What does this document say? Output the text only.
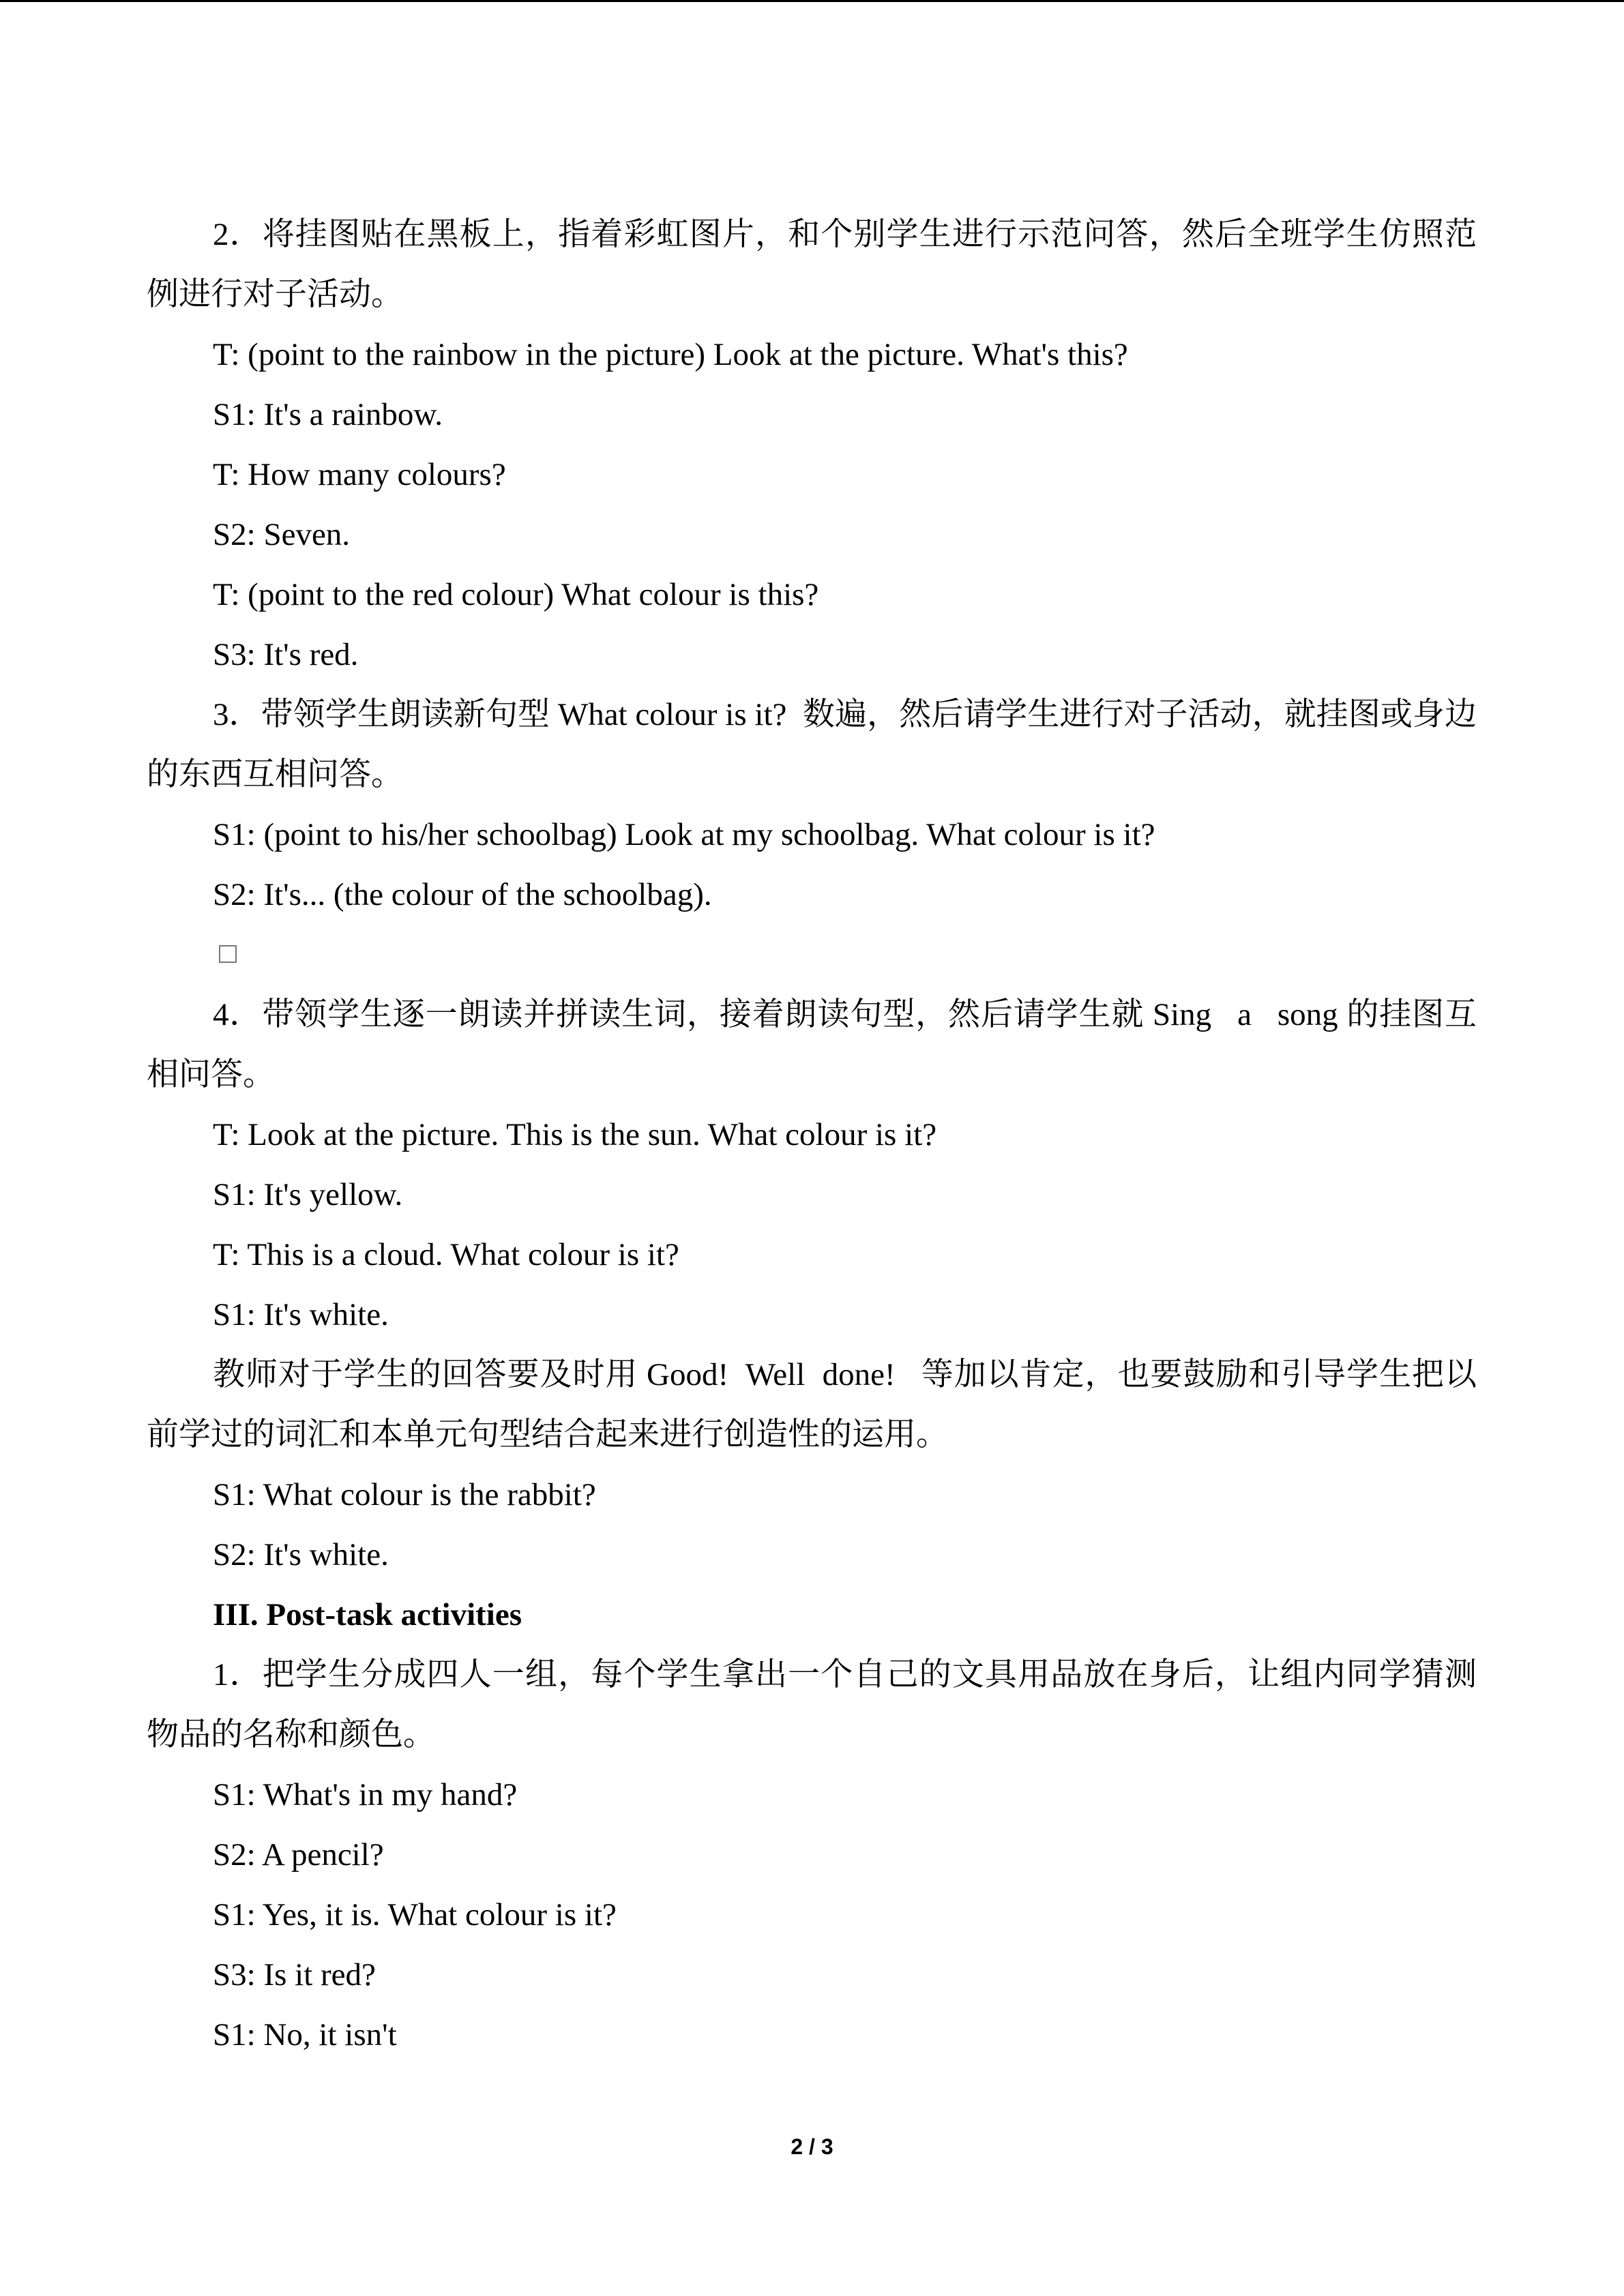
2．将挂图贴在黑板上，指着彩虹图片，和个别学生进行示范问答，然后全班学生仿照范例进行对子活动。

T: (point to the rainbow in the picture) Look at the picture. What's this?

S1: It's a rainbow.

T: How many colours?

S2: Seven.

T: (point to the red colour) What colour is this?

S3: It's red.

3．带领学生朗读新句型 What colour is it?  数遍，然后请学生进行对子活动，就挂图或身边的东西互相问答。

S1: (point to his/her schoolbag) Look at my schoolbag. What colour is it?

S2: It's... (the colour of the schoolbag).

4．带领学生逐一朗读并拼读生词，接着朗读句型，然后请学生就 Sing   a   song 的挂图互相问答。

T: Look at the picture. This is the sun. What colour is it?

S1: It's yellow.

T: This is a cloud. What colour is it?

S1: It's white.

教师对于学生的回答要及时用 Good!  Well  done!   等加以肯定，也要鼓励和引导学生把以前学过的词汇和本单元句型结合起来进行创造性的运用。

S1: What colour is the rabbit?

S2: It's white.

III. Post-task activities

1．把学生分成四人一组，每个学生拿出一个自己的文具用品放在身后，让组内同学猜测物品的名称和颜色。

S1: What's in my hand?

S2: A pencil?

S1: Yes, it is. What colour is it?

S3: Is it red?

S1: No, it isn't

2 / 3
